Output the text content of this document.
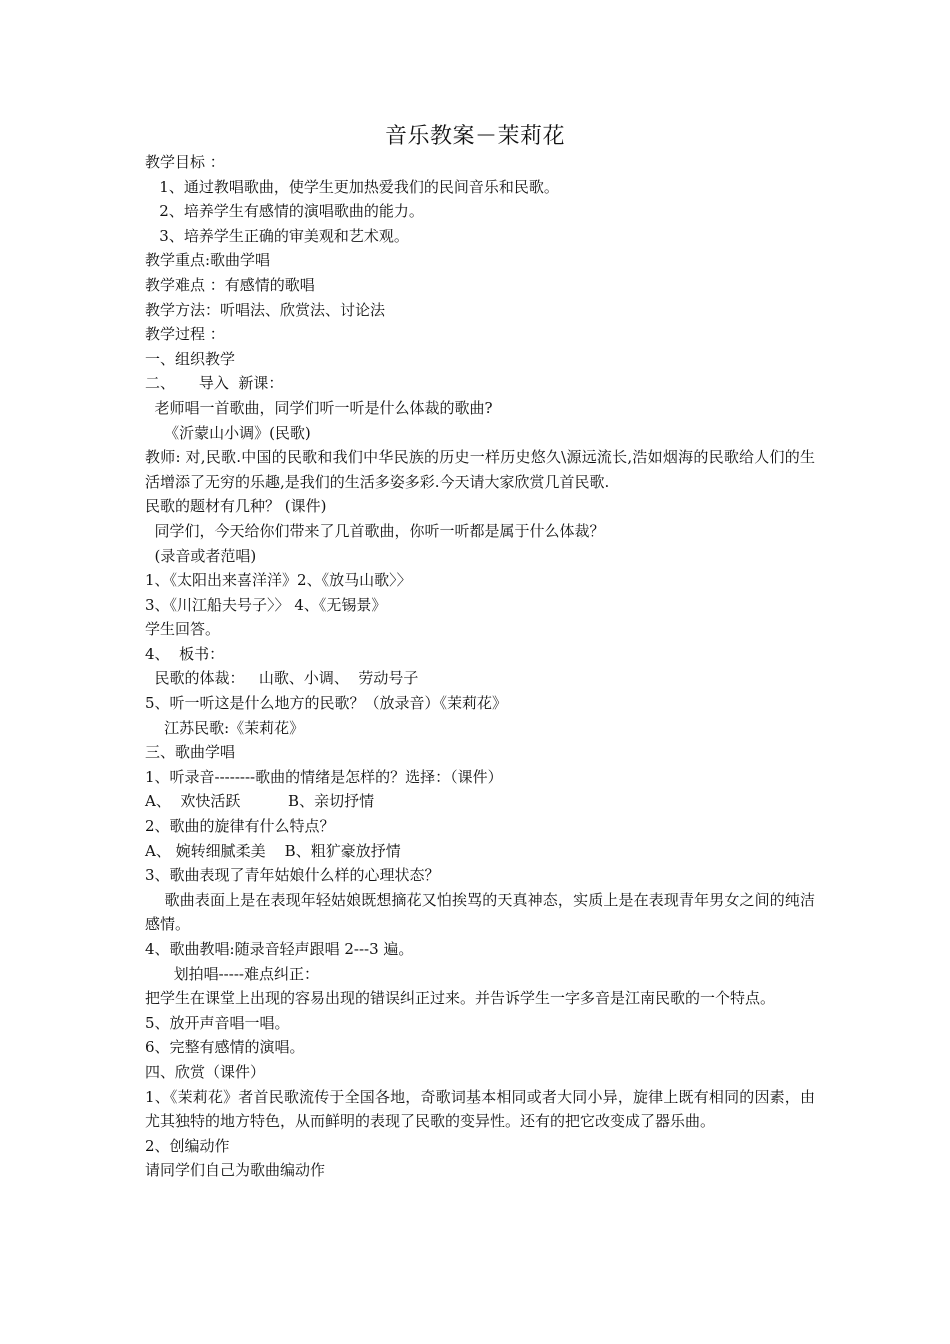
音乐教案－茉莉花
教学目标 ：
1、通过教唱歌曲，使学生更加热爱我们的民间音乐和民歌。
2、培养学生有感情的演唱歌曲的能力。
3、培养学生正确的审美观和艺术观。
教学重点:歌曲学唱
教学难点 ：有感情的歌唱
教学方法：听唱法、欣赏法、讨论法
教学过程 ：
一、组织教学
二、     导入  新课：
老师唱一首歌曲，同学们听一听是什么体裁的歌曲?
《沂蒙山小调》(民歌)
教师: 对,民歌.中国的民歌和我们中华民族的历史一样历史悠久\源远流长,浩如烟海的民歌给人们的生活增添了无穷的乐趣,是我们的生活多姿多彩.今天请大家欣赏几首民歌.
民歌的题材有几种？ (课件)
同学们，今天给你们带来了几首歌曲，你听一听都是属于什么体裁？
(录音或者范唱)
1、《太阳出来喜洋洋》2、《放马山歌〉〉
3、《川江船夫号子〉〉 4、《无锡景》
学生回答。
4、  板书：
民歌的体裁：   山歌、小调、  劳动号子
5、听一听这是什么地方的民歌？（放录音）《茉莉花》
江苏民歌:《茉莉花》
三、歌曲学唱
1、听录音--------歌曲的情绪是怎样的？选择：（课件）
A、  欢快活跃          B、亲切抒情
2、歌曲的旋律有什么特点？
A、 婉转细腻柔美    B、粗犷豪放抒情
3、歌曲表现了青年姑娘什么样的心理状态？
歌曲表面上是在表现年轻姑娘既想摘花又怕挨骂的天真神态，实质上是在表现青年男女之间的纯洁感情。
4、歌曲教唱:随录音轻声跟唱 2---3 遍。
划拍唱-----难点纠正：
把学生在课堂上出现的容易出现的错误纠正过来。并告诉学生一字多音是江南民歌的一个特点。
5、放开声音唱一唱。
6、完整有感情的演唱。
四、欣赏（课件）
1、《茉莉花》者首民歌流传于全国各地，奇歌词基本相同或者大同小异，旋律上既有相同的因素，由尤其独特的地方特色，从而鲜明的表现了民歌的变异性。还有的把它改变成了器乐曲。
2、创编动作
请同学们自己为歌曲编动作
